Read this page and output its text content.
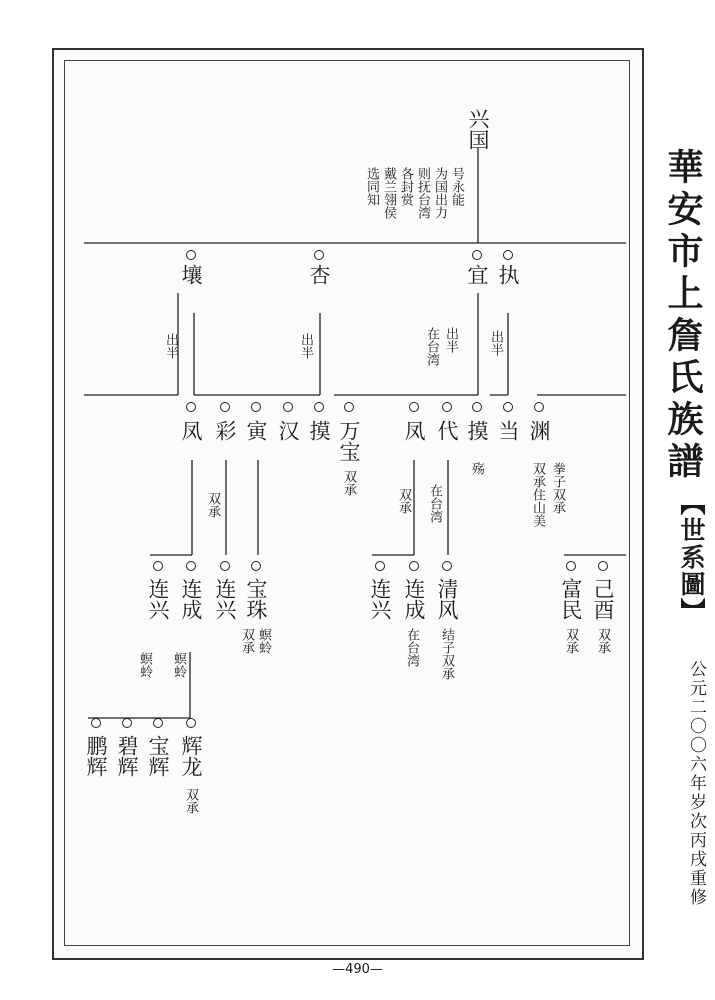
華安市上詹氏族譜
【世系圖】
公元二〇〇六年岁次丙戌重修
—490—
兴国
号永能
为国出力
则抚台湾
各封赏
戴兰翎侯
选同知
壤	杏	宜 执
出半	出半	出半
在台湾	出半
凤 彩 寅 汉 摸 万宝
双承
凤 代 摸
殇
当 渊
双承住山美 拳子双承
双承	双承 在台湾
连兴 连成 连兴 宝珠
螟蛉
双承
连兴 连成
在台湾
清风
结子双承
富民
双承
己酉
双承
螟蛉 螟蛉
鹏辉 碧辉 宝辉 辉龙
双承
